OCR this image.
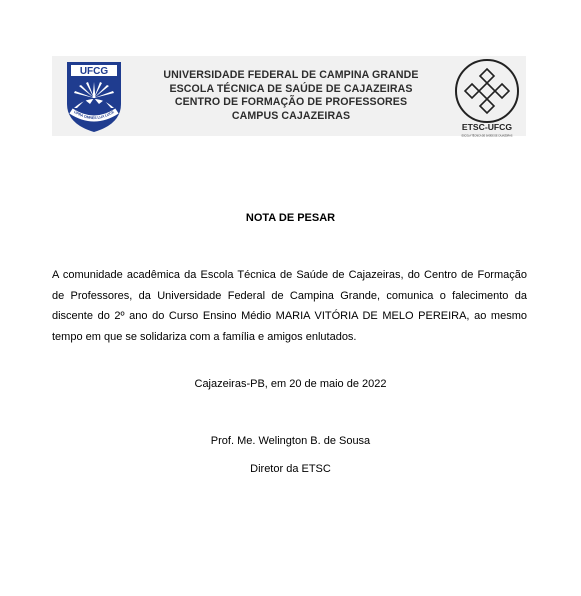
UFCG
UPRA OMNES LUX LUCE
UNIVERSIDADE FEDERAL DE CAMPINA GRANDE
ESCOLA TÉCNICA DE SAÚDE DE CAJAZEIRAS
CENTRO DE FORMAÇÃO DE PROFESSORES
CAMPUS CAJAZEIRAS
ETSC-UFCG
ESCOLA TÉCNICA DE SAÚDE DE CAJAZEIRAS
NOTA DE PESAR
A comunidade acadêmica da Escola Técnica de Saúde de Cajazeiras, do Centro de Formação de Professores, da Universidade Federal de Campina Grande, comunica o falecimento da discente do 2º ano do Curso Ensino Médio MARIA VITÓRIA DE MELO PEREIRA, ao mesmo tempo em que se solidariza com a família e amigos enlutados.
Cajazeiras-PB, em 20 de maio de 2022
Prof. Me. Welington B. de Sousa
Diretor da ETSC
